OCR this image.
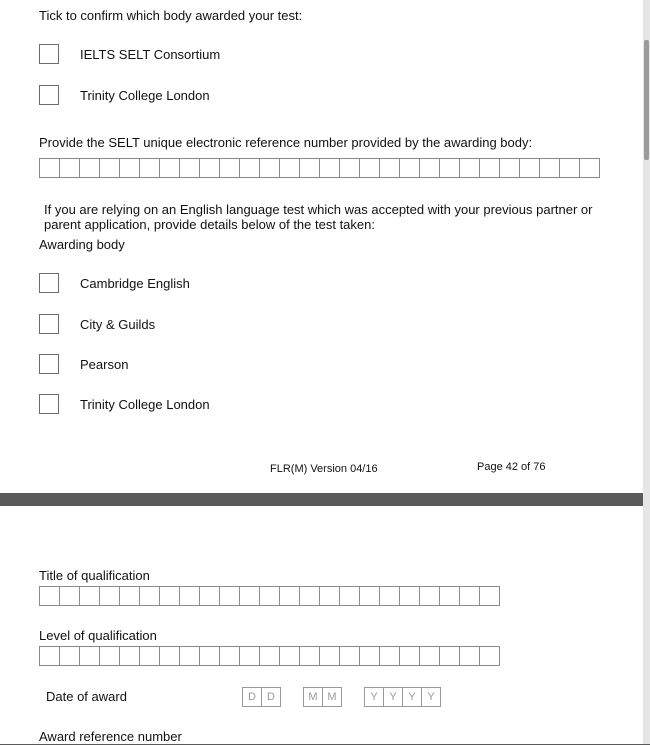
Tick to confirm which body awarded your test:
IELTS SELT Consortium
Trinity College London
Provide the SELT unique electronic reference number provided by the awarding body:
If you are relying on an English language test which was accepted with your previous partner or
parent application, provide details below of the test taken:
Awarding body
Cambridge English
City & Guilds
Pearson
Trinity College London
FLR(M) Version 04/16	Page 42 of 76
Title of qualification
Level of qualification
Date of award	D	D	M M	Y	Y	Y	Y
Award reference number
